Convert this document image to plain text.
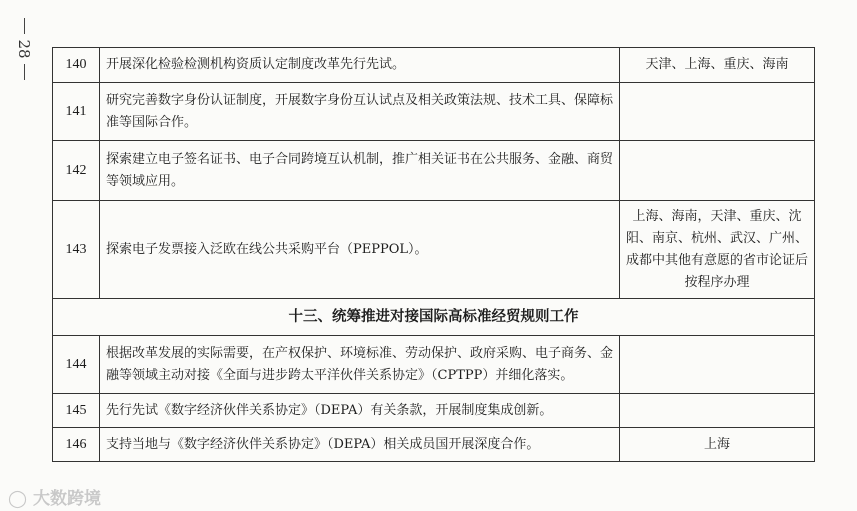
28
140	开展深化检验检测机构资质认定制度改革先行先试。	天津、上海、重庆、海南
141	研究完善数字身份认证制度，开展数字身份互认试点及相关政策法规、技术工具、保障标准等国际合作。	
142	探索建立电子签名证书、电子合同跨境互认机制，推广相关证书在公共服务、金融、商贸等领域应用。	
143	探索电子发票接入泛欧在线公共采购平台（PEPPOL）。	上海、海南，天津、重庆、沈阳、南京、杭州、武汉、广州、成都中其他有意愿的省市论证后按程序办理
十三、统筹推进对接国际高标准经贸规则工作		
144	根据改革发展的实际需要，在产权保护、环境标准、劳动保护、政府采购、电子商务、金融等领域主动对接《全面与进步跨太平洋伙伴关系协定》（CPTPP）并细化落实。	
145	先行先试《数字经济伙伴关系协定》（DEPA）有关条款，开展制度集成创新。	
146	支持当地与《数字经济伙伴关系协定》（DEPA）相关成员国开展深度合作。	上海
◯ 大数跨境
